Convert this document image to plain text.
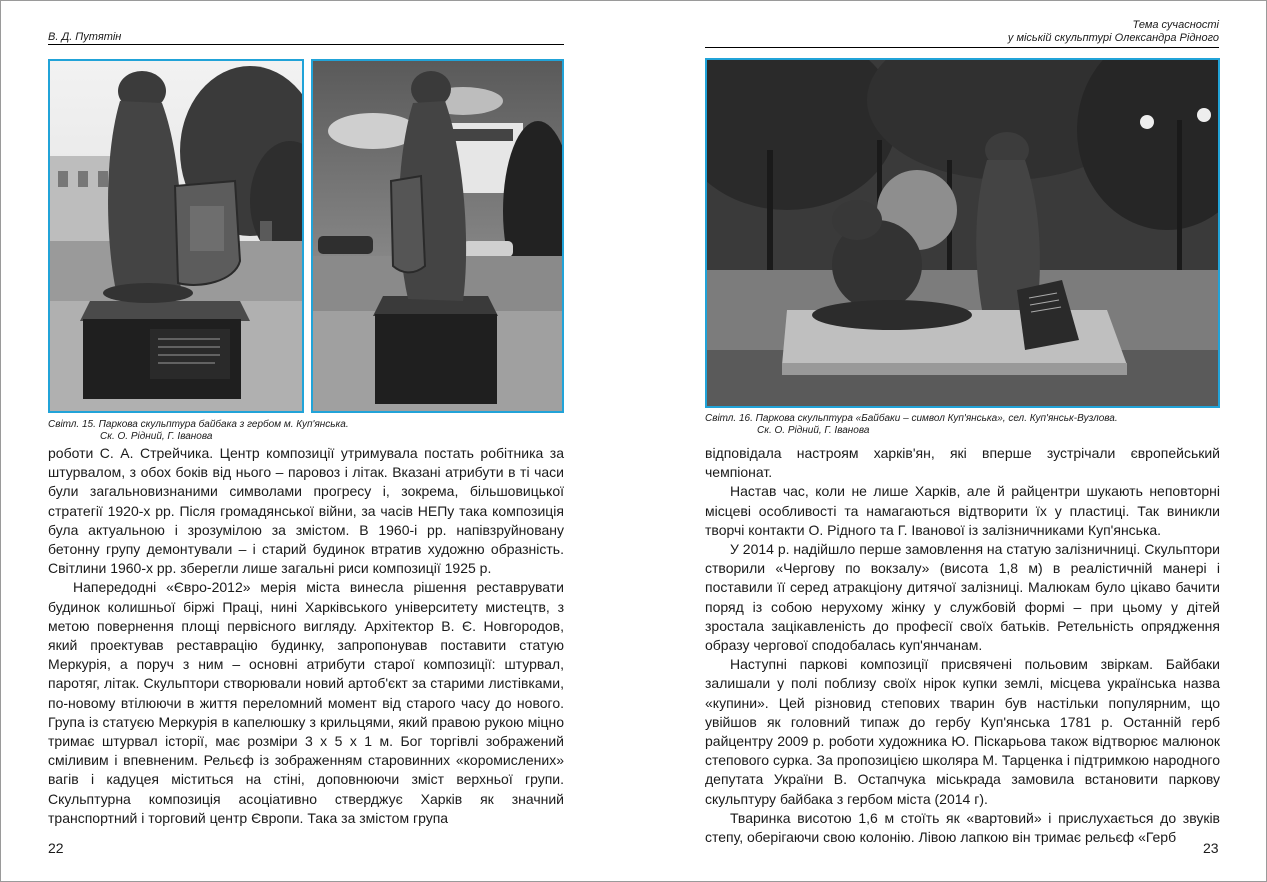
В. Д. Путятін
Світл. 15. Паркова скульптура байбака з гербом м. Куп'янська.
Ск. О. Рідний, Г. Іванова

роботи С. А. Стрейчика. Центр композиції утримувала постать робітника за штурвалом, з обох боків від нього – паровоз і літак. Вказані атрибути в ті часи були загальновизнаними символами прогресу і, зокрема, більшовицької стратегії 1920-х рр. Після громадянської війни, за часів НЕПу така композиція була актуальною і зрозумілою за змістом. В 1960-і рр. напівзруйновану бетонну групу демонтували – і старий будинок втратив художню образність. Світлини 1960-х рр. зберегли лише загальні риси композиції 1925 р.

Напередодні «Євро-2012» мерія міста винесла рішення реставрувати будинок колишньої біржі Праці, нині Харківського університету мистецтв, з метою повернення площі первісного вигляду. Архітектор В. Є. Новгородов, який проектував реставрацію будинку, запропонував поставити статую Меркурія, а поруч з ним – основні атрибути старої композиції: штурвал, паротяг, літак. Скульптори створювали новий артоб'єкт за старими листівками, по-новому втілюючи в життя переломний момент від старого часу до нового. Група із статуєю Меркурія в капелюшку з крильцями, який правою рукою міцно тримає штурвал історії, має розміри 3 х 5 х 1 м. Бог торгівлі зображений сміливим і впевненим. Рельєф із зображенням старовинних «коромислених» вагів і кадуцея міститься на стіні, доповнюючи зміст верхньої групи. Скульптурна композиція асоціативно стверджує Харків як значний транспортний і торговий центр Європи. Така за змістом група

22
Тема сучасності
у міській скульптурі Олександра Рідного
Світл. 16. Паркова скульптура «Байбаки – символ Куп'янська», сел. Куп'янськ-Вузлова.
Ск. О. Рідний, Г. Іванова

відповідала настроям харків'ян, які вперше зустрічали європейський чемпіонат.

Настав час, коли не лише Харків, але й райцентри шукають неповторні місцеві особливості та намагаються відтворити їх у пластиці. Так виникли творчі контакти О. Рідного та Г. Іванової із залізничниками Куп'янська.

У 2014 р. надійшло перше замовлення на статую залізничниці. Скульптори створили «Чергову по вокзалу» (висота 1,8 м) в реалістичній манері і поставили її серед атракціону дитячої залізниці. Малюкам було цікаво бачити поряд із собою нерухому жінку у службовій формі – при цьому у дітей зростала зацікавленість до професії своїх батьків. Ретельність опрядження образу чергової сподобалась куп'янчанам.

Наступні паркові композиції присвячені польовим звіркам. Байбаки залишали у полі поблизу своїх нірок купки землі, місцева українська назва «купини». Цей різновид степових тварин був настільки популярним, що увійшов як головний типаж до гербу Куп'янська 1781 р. Останній герб райцентру 2009 р. роботи художника Ю. Піскарьова також відтворює малюнок степового сурка. За пропозицією школяра М. Тарценка і підтримкою народного депутата України В. Остапчука міськрада замовила встановити паркову скульптуру байбака з гербом міста (2014 г).

Тваринка висотою 1,6 м стоїть як «вартовий» і прислухається до звуків степу, оберігаючи свою колонію. Лівою лапкою він тримає рельєф «Герб

23
